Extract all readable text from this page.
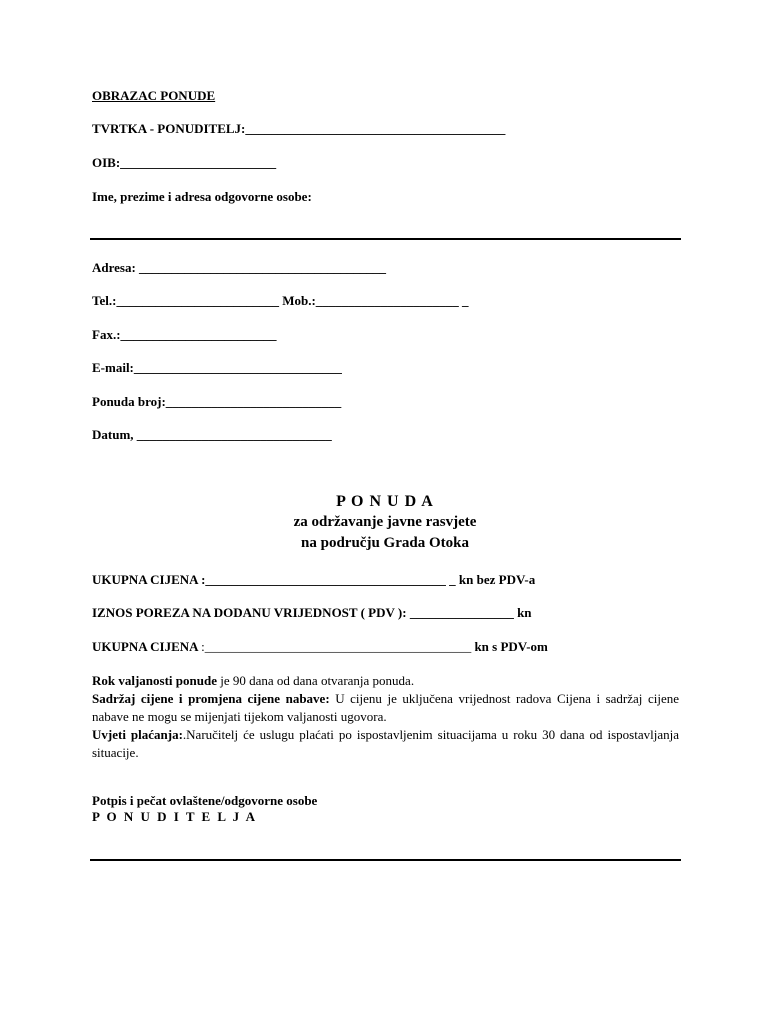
OBRAZAC PONUDE
TVRTKA - PONUDITELJ:________________________________________
OIB:________________________
Ime, prezime i adresa odgovorne osobe:
Adresa: ______________________________________
Tel.:_________________________ Mob.:______________________ _
Fax.:________________________
E-mail:________________________________
Ponuda broj:___________________________
Datum, ______________________________
P O N U D A
za održavanje javne rasvjete
na području Grada Otoka
UKUPNA CIJENA :_____________________________________ _ kn bez PDV-a
IZNOS POREZA NA DODANU VRIJEDNOST ( PDV ): ________________ kn
UKUPNA CIJENA :_________________________________________ kn s PDV-om
Rok valjanosti ponude je 90 dana od dana otvaranja ponuda.
Sadržaj cijene i promjena cijene nabave: U cijenu je uključena vrijednost radova Cijena i sadržaj cijene nabave ne mogu se mijenjati tijekom valjanosti ugovora.
Uvjeti plaćanja:.Naručitelj će uslugu plaćati po ispostavljenim situacijama u roku 30 dana od ispostavljanja situacije.
Potpis i pečat ovlaštene/odgovorne osobe
P O N U D I T E L J A
